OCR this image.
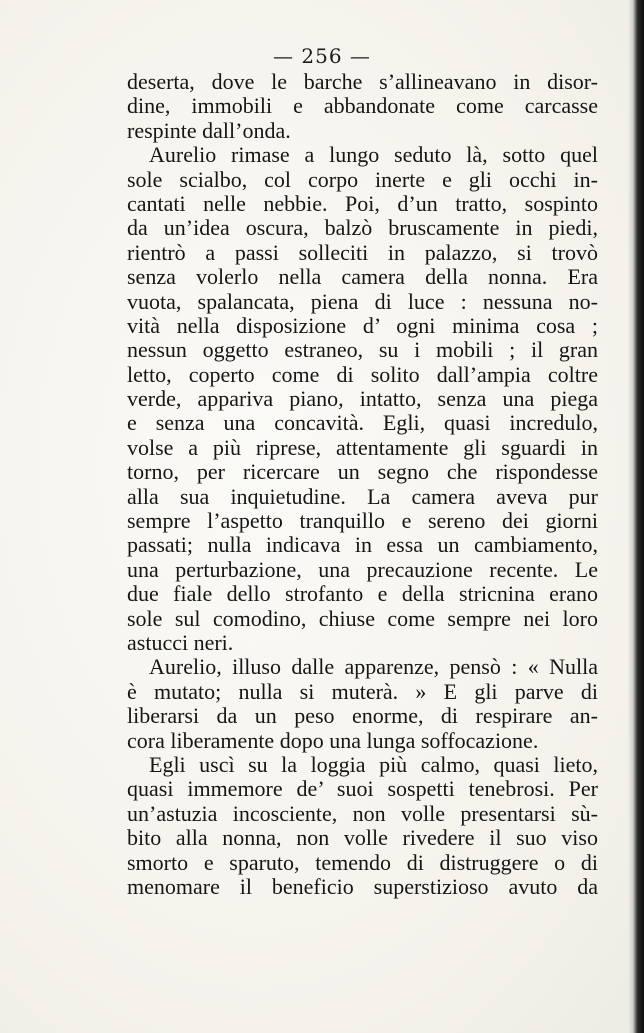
— 256 —
deserta, dove le barche s’allineavano in disor-
dine, immobili e abbandonate come carcasse
respinte dall’onda.
Aurelio rimase a lungo seduto là, sotto quel
sole scialbo, col corpo inerte e gli occhi in-
cantati nelle nebbie. Poi, d’un tratto, sospinto
da un’idea oscura, balzò bruscamente in piedi,
rientrò a passi solleciti in palazzo, si trovò
senza volerlo nella camera della nonna. Era
vuota, spalancata, piena di luce : nessuna no-
vità nella disposizione d’ ogni minima cosa ;
nessun oggetto estraneo, su i mobili ; il gran
letto, coperto come di solito dall’ampia coltre
verde, appariva piano, intatto, senza una piega
e senza una concavità. Egli, quasi incredulo,
volse a più riprese, attentamente gli sguardi in
torno, per ricercare un segno che rispondesse
alla sua inquietudine. La camera aveva pur
sempre l’aspetto tranquillo e sereno dei giorni
passati; nulla indicava in essa un cambiamento,
una perturbazione, una precauzione recente. Le
due fiale dello strofanto e della stricnina erano
sole sul comodino, chiuse come sempre nei loro
astucci neri.
Aurelio, illuso dalle apparenze, pensò : « Nulla
è mutato; nulla si muterà. » E gli parve di
liberarsi da un peso enorme, di respirare an-
cora liberamente dopo una lunga soffocazione.
Egli uscì su la loggia più calmo, quasi lieto,
quasi immemore de’ suoi sospetti tenebrosi. Per
un’astuzia incosciente, non volle presentarsi sù-
bito alla nonna, non volle rivedere il suo viso
smorto e sparuto, temendo di distruggere o di
menomare il beneficio superstizioso avuto da
